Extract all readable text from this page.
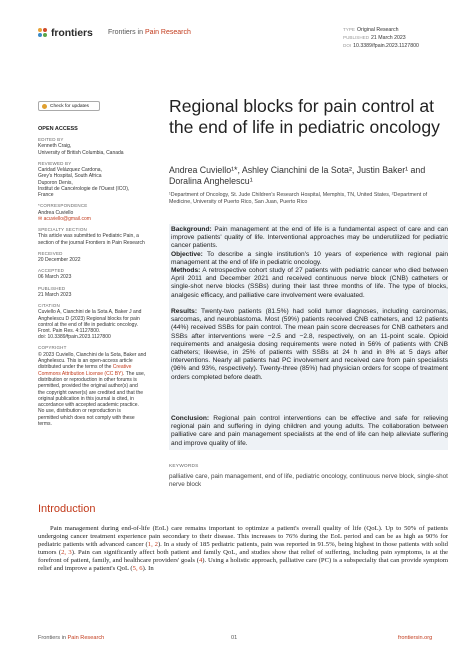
frontiers Frontiers in Pain Research	TYPE Original Research
PUBLISHED 21 March 2023
DOI 10.3389/fpain.2023.1127800
Check for updates
OPEN ACCESS
EDITED BY
Kenneth Craig,
University of British Columbia, Canada
REVIEWED BY
Caridad Velázquez Cardona,
Grey's Hospital, South Africa
Duporon Denis,
Institut de Cancérologie de l'Ouest (ICO),
France
*CORRESPONDENCE
Andrea Cuviello
✉ acuviello@gmail.com
SPECIALTY SECTION
This article was submitted to Pediatric Pain, a
section of the journal Frontiers in Pain Research
RECEIVED
20 December 2022
ACCEPTED
06 March 2023
PUBLISHED
21 March 2023
CITATION
Cuviello A, Cianchini de la Sota A, Baker J and
Anghelescu D (2023) Regional blocks for pain
control at the end of life in pediatric oncology.
Front. Pain Res. 4:1127800.
doi: 10.3389/fpain.2023.1127800
COPYRIGHT
© 2023 Cuviello, Cianchini de la Sota, Baker and
Anghelescu. This is an open-access article
distributed under the terms of the Creative
Commons Attribution License (CC BY). The use,
distribution or reproduction in other forums is
permitted, provided the original author(s) and
the copyright owner(s) are credited and that the
original publication in this journal is cited, in
accordance with accepted academic practice.
No use, distribution or reproduction is
permitted which does not comply with these
terms.
Regional blocks for pain control at the end of life in pediatric oncology
Andrea Cuviello¹*, Ashley Cianchini de la Sota², Justin Baker¹ and Doralina Anghelescu¹
¹Department of Oncology, St. Jude Children's Research Hospital, Memphis, TN, United States, ²Department of Medicine, University of Puerto Rico, San Juan, Puerto Rico
Background: Pain management at the end of life is a fundamental aspect of care and can improve patients' quality of life. Interventional approaches may be underutilized for pediatric cancer patients.
Objective: To describe a single institution's 10 years of experience with regional pain management at the end of life in pediatric oncology.
Methods: A retrospective cohort study of 27 patients with pediatric cancer who died between April 2011 and December 2021 and received continuous nerve block (CNB) catheters or single-shot nerve blocks (SSBs) during their last three months of life. The type of blocks, analgesic efficacy, and palliative care involvement were evaluated.
Results: Twenty-two patients (81.5%) had solid tumor diagnoses, including carcinomas, sarcomas, and neuroblastoma. Most (59%) patients received CNB catheters, and 12 patients (44%) received SSBs for pain control. The mean pain score decreases for CNB catheters and SSBs after interventions were −2.5 and −2.8, respectively, on an 11-point scale. Opioid requirements and analgesia dosing requirements were noted in 56% of patients with CNB catheters; likewise, in 25% of patients with SSBs at 24 h and in 8% at 5 days after interventions. Nearly all patients had PC involvement and received care from pain specialists (96% and 93%, respectively). Twenty-three (85%) had physician orders for scope of treatment orders completed before death.
Conclusion: Regional pain control interventions can be effective and safe for relieving regional pain and suffering in dying children and young adults. The collaboration between palliative care and pain management specialists at the end of life can help alleviate suffering and improve quality of life.
KEYWORDS
palliative care, pain management, end of life, pediatric oncology, continuous nerve block, single-shot nerve block
Introduction
Pain management during end-of-life (EoL) care remains important to optimize a patient's overall quality of life (QoL). Up to 50% of patients undergoing cancer treatment experience pain secondary to their disease. This increases to 76% during the EoL period and can be as high as 90% for pediatric patients with advanced cancer (1, 2). In a study of 185 pediatric patients, pain was reported in 91.5%, being highest in those patients with solid tumors (2, 3). Pain can significantly affect both patient and family QoL, and studies show that relief of suffering, including pain symptoms, is at the forefront of patient, family, and healthcare providers' goals (4). Using a holistic approach, palliative care (PC) is a subspecialty that can provide symptom relief and improve a patient's QoL (5, 6). In
Frontiers in Pain Research	01	frontiersin.org
